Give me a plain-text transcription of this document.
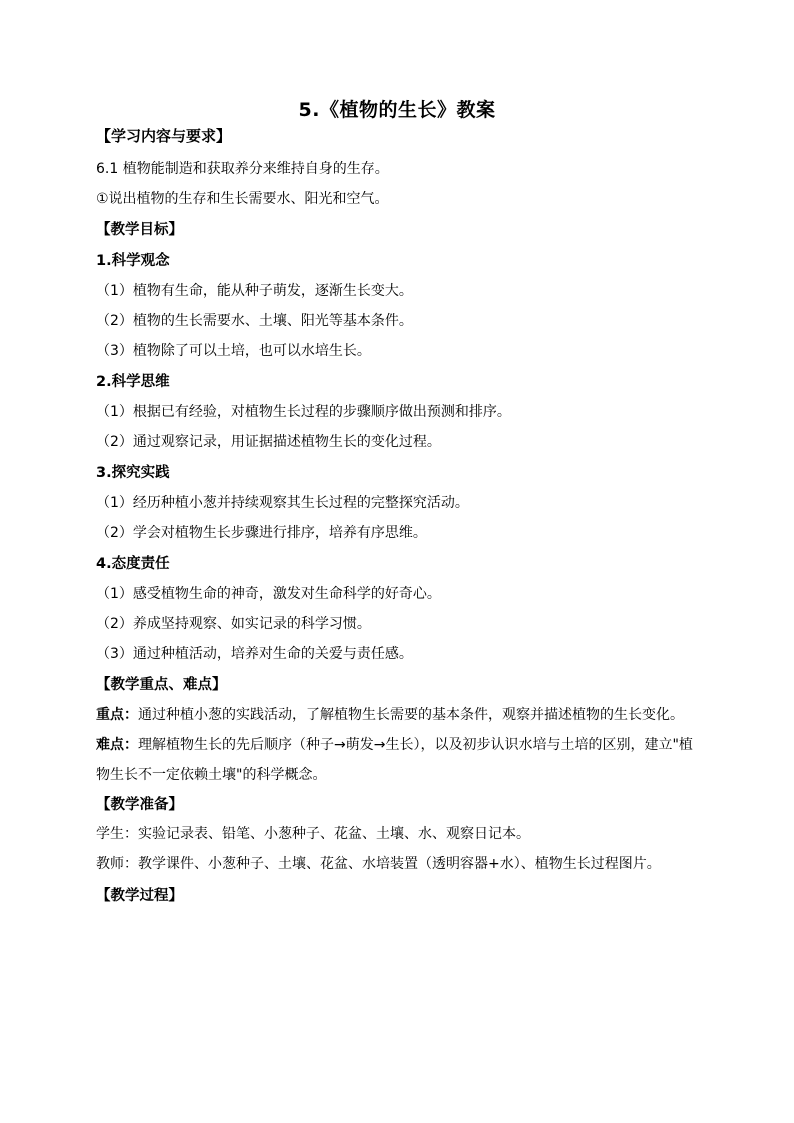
5.《植物的生长》教案
【学习内容与要求】
6.1 植物能制造和获取养分来维持自身的生存。
①说出植物的生存和生长需要水、阳光和空气。
【教学目标】
1.科学观念
（1）植物有生命，能从种子萌发，逐渐生长变大。
（2）植物的生长需要水、土壤、阳光等基本条件。
（3）植物除了可以土培，也可以水培生长。
2.科学思维
（1）根据已有经验，对植物生长过程的步骤顺序做出预测和排序。
（2）通过观察记录，用证据描述植物生长的变化过程。
3.探究实践
（1）经历种植小葱并持续观察其生长过程的完整探究活动。
（2）学会对植物生长步骤进行排序，培养有序思维。
4.态度责任
（1）感受植物生命的神奇，激发对生命科学的好奇心。
（2）养成坚持观察、如实记录的科学习惯。
（3）通过种植活动，培养对生命的关爱与责任感。
【教学重点、难点】

重点：通过种植小葱的实践活动，了解植物生长需要的基本条件，观察并描述植物的生长变化。

难点：理解植物生长的先后顺序（种子→萌发→生长），以及初步认识水培与土培的区别，建立"植物生长不一定依赖土壤"的科学概念。

【教学准备】

学生：实验记录表、铅笔、小葱种子、花盆、土壤、水、观察日记本。

教师：教学课件、小葱种子、土壤、花盆、水培装置（透明容器+水）、植物生长过程图片。

【教学过程】
